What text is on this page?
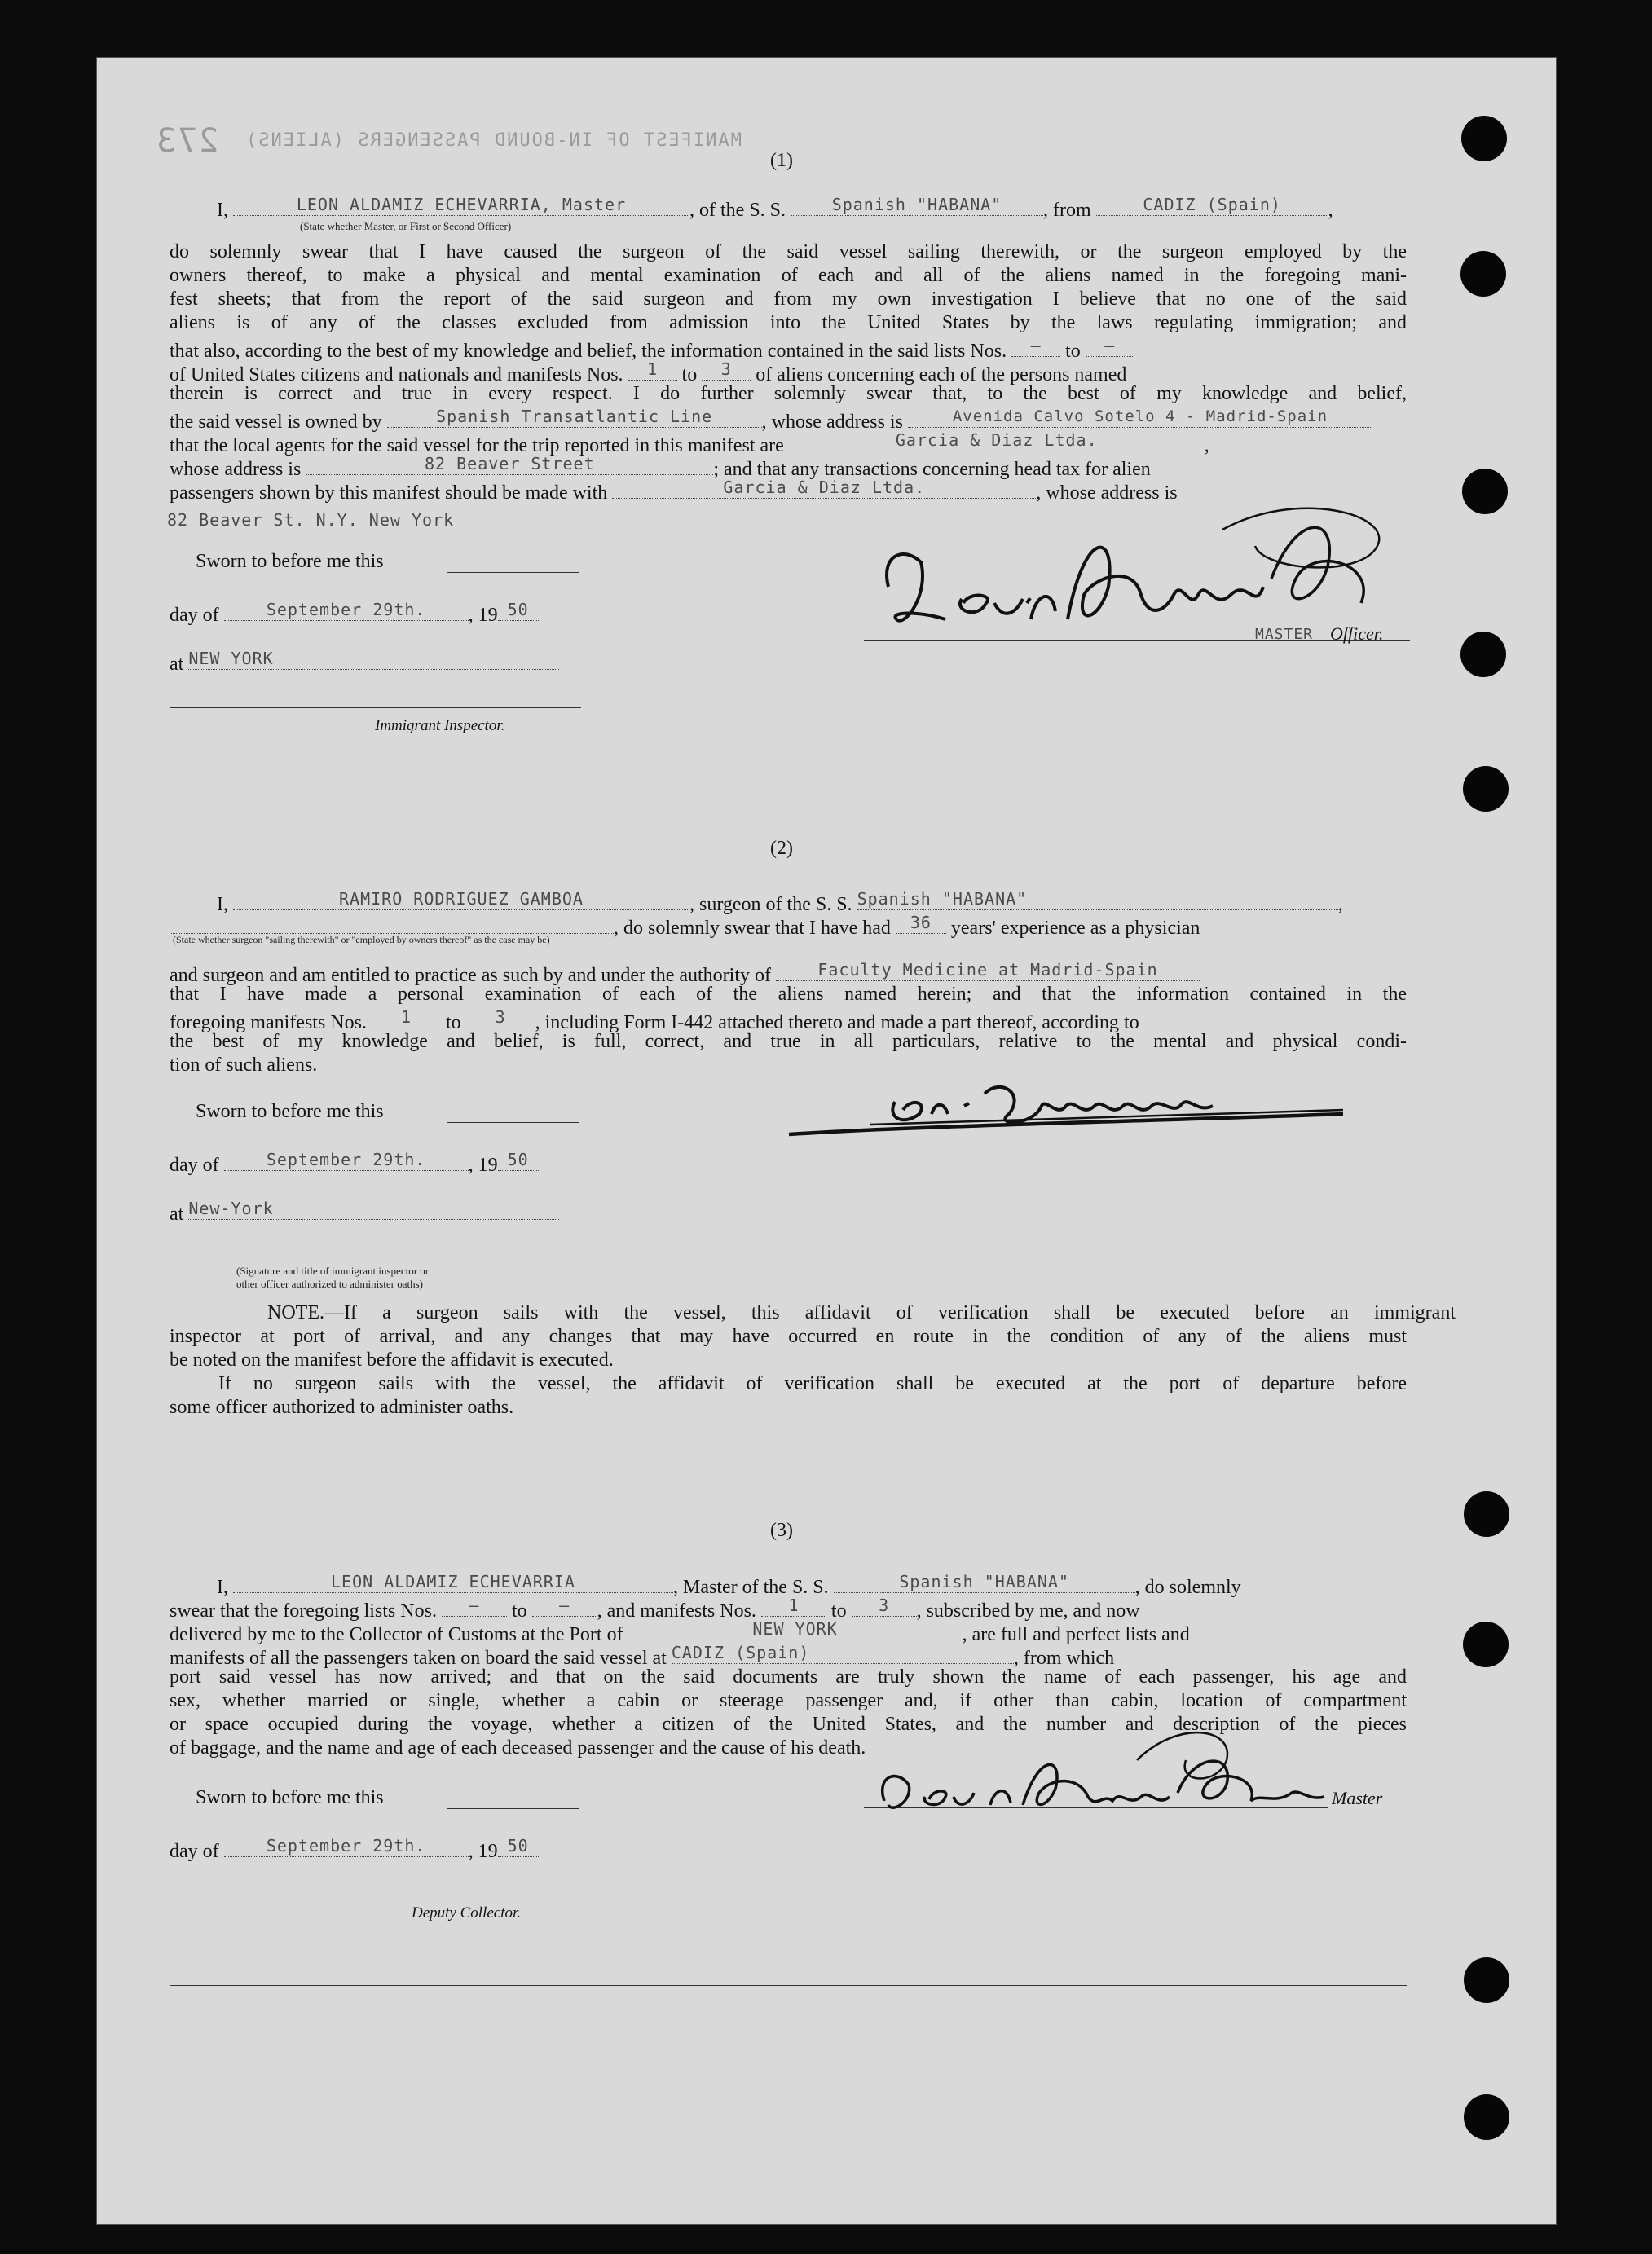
MANIFEST OF IN-BOUND PASSENGERS (ALIENS)
273
(1)
I,	LEON ALDAMIZ ECHEVARRIA, Master	, of the S. S.	Spanish "HABANA" , from	CADIZ (Spain) ,
(State whether Master, or First or Second Officer)
do solemnly swear that I have caused the surgeon of the said vessel sailing therewith, or the surgeon employed by the
owners thereof, to make a physical and mental examination of each and all of the aliens named in the foregoing mani-
fest sheets; that from the report of the said surgeon and from my own investigation I believe that no one of the said
aliens is of any of the classes excluded from admission into the United States by the laws regulating immigration; and
that also, according to the best of my knowledge and belief, the information contained in the said lists Nos. — to —
of United States citizens and nationals and manifests Nos. 1 to 3 of aliens concerning each of the persons named
therein is correct and true in every respect. I do further solemnly swear that, to the best of my knowledge and belief,
the said vessel is owned by	Spanish Transatlantic Line	, whose address is	Avenida Calvo Sotelo 4 - Madrid-Spain
that the local agents for the said vessel for the trip reported in this manifest are	Garcia & Diaz Ltda.	,
whose address is	82 Beaver Street	; and that any transactions concerning head tax for alien
passengers shown by this manifest should be made with	Garcia & Diaz Ltda.	, whose address is
82 Beaver St. N.Y. New York
Sworn to before me this
day of	September 29th. , 19 50
at NEW YORK
Immigrant Inspector.
MASTER Officer.
(2)
I,	RAMIRO RODRIGUEZ GAMBOA	, surgeon of the S. S. Spanish "HABANA"	,
, do solemnly swear that I have had 36 years' experience as a physician
(State whether surgeon "sailing therewith" or "employed by owners thereof" as the case may be)
and surgeon and am entitled to practice as such by and under the authority of	Faculty Medicine at Madrid-Spain
that I have made a personal examination of each of the aliens named herein; and that the information contained in the
foregoing manifests Nos. 1 to 3 , including Form I-442 attached thereto and made a part thereof, according to
the best of my knowledge and belief, is full, correct, and true in all particulars, relative to the mental and physical condi-
tion of such aliens.
Sworn to before me this
day of	September 29th. , 19 50
at New-York
(Signature and title of immigrant inspector or
other officer authorized to administer oaths)
NOTE.—If a surgeon sails with the vessel, this affidavit of verification shall be executed before an immigrant
inspector at port of arrival, and any changes that may have occurred en route in the condition of any of the aliens must
be noted on the manifest before the affidavit is executed.
If no surgeon sails with the vessel, the affidavit of verification shall be executed at the port of departure before
some officer authorized to administer oaths.
(3)
I,	LEON ALDAMIZ ECHEVARRIA	, Master of the S. S.	Spanish "HABANA"	, do solemnly
swear that the foregoing lists Nos. — to — , and manifests Nos. 1 to 3 , subscribed by me, and now
delivered by me to the Collector of Customs at the Port of	NEW YORK	, are full and perfect lists and
manifests of all the passengers taken on board the said vessel at CADIZ (Spain)	, from which
port said vessel has now arrived; and that on the said documents are truly shown the name of each passenger, his age and
sex, whether married or single, whether a cabin or steerage passenger and, if other than cabin, location of compartment
or space occupied during the voyage, whether a citizen of the United States, and the number and description of the pieces
of baggage, and the name and age of each deceased passenger and the cause of his death.
Sworn to before me this	Master
day of	September 29th. , 19 50
Deputy Collector.
